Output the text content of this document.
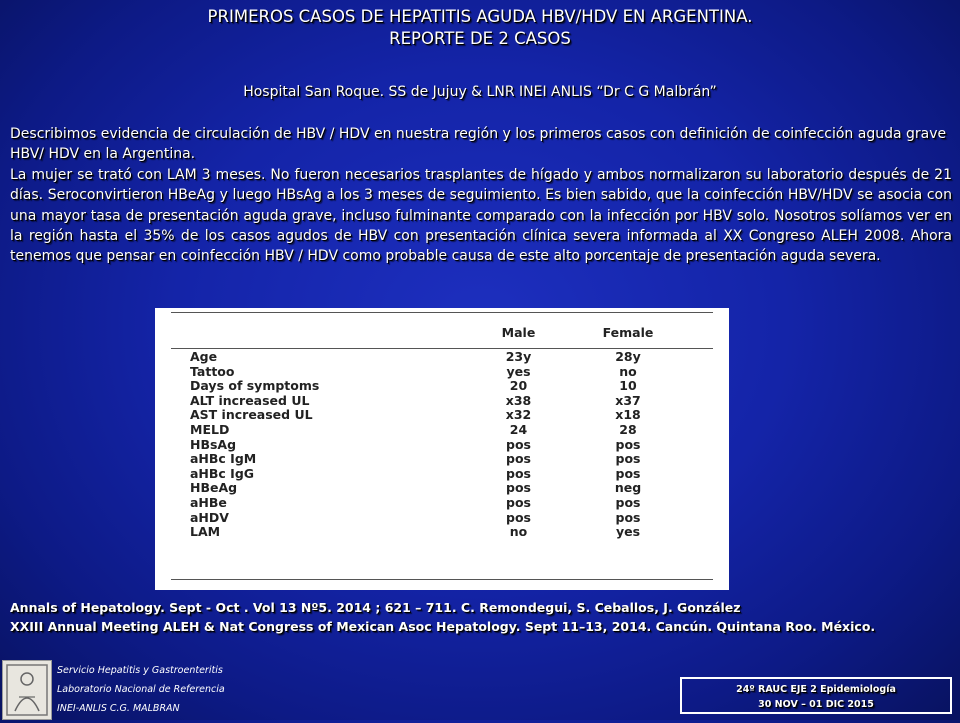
PRIMEROS CASOS DE HEPATITIS AGUDA HBV/HDV EN ARGENTINA.
REPORTE DE 2 CASOS
Hospital San Roque. SS de Jujuy & LNR INEI ANLIS “Dr C G Malbrán”

Describimos evidencia de circulación de HBV / HDV en nuestra región y los primeros casos con definición de coinfección aguda grave HBV/ HDV en la Argentina.

La mujer se trató con LAM 3 meses. No fueron necesarios trasplantes de hígado y ambos normalizaron su laboratorio después de 21 días. Seroconvirtieron HBeAg y luego HBsAg a los 3 meses de seguimiento. Es bien sabido, que la coinfección HBV/HDV se asocia con una mayor tasa de presentación aguda grave, incluso fulminante comparado con la infección por HBV solo. Nosotros solíamos ver en la región hasta el 35% de los casos agudos de HBV con presentación clínica severa informada al XX Congreso ALEH 2008. Ahora tenemos que pensar en coinfección HBV / HDV como probable causa de este alto porcentaje de presentación aguda severa.

	Male	Female

Age	23y	28y
Tattoo	yes	no
Days of symptoms	20	10
ALT increased UL	x38	x37
AST increased UL	x32	x18
MELD	24	28
HBsAg	pos	pos
aHBc IgM	pos	pos
aHBc IgG	pos	pos
HBeAg	pos	neg
aHBe	pos	pos
aHDV	pos	pos
LAM	no	yes
Annals of Hepatology. Sept - Oct . Vol 13 Nº5. 2014 ; 621 – 711. C. Remondegui, S. Ceballos, J. González
XXIII Annual Meeting ALEH & Nat Congress of Mexican Asoc Hepatology. Sept 11–13, 2014. Cancún. Quintana Roo. México.
Servicio Hepatitis y Gastroenteritis
Laboratorio Nacional de Referencia
INEI-ANLIS C.G. MALBRAN
24º RAUC EJE 2 Epidemiología
30 NOV – 01 DIC 2015
